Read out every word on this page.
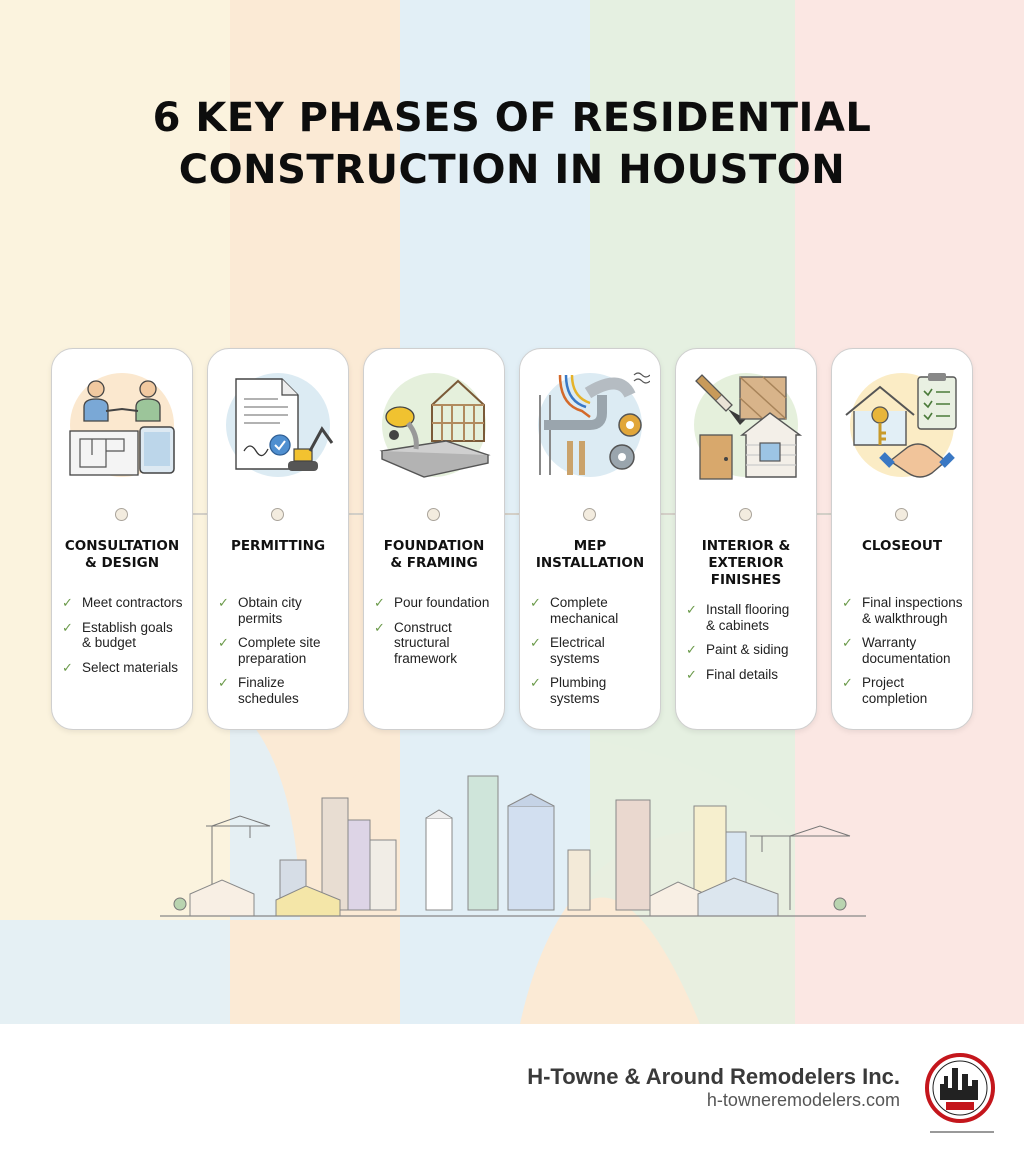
6 KEY PHASES OF RESIDENTIAL
CONSTRUCTION IN HOUSTON
CONSULTATION
& DESIGN
✓ Meet contractors
✓ Establish goals
& budget
✓ Select materials
PERMITTING
✓ Obtain city
permits
✓ Complete site
preparation
✓ Finalize
schedules
FOUNDATION
& FRAMING
✓ Pour foundation
✓ Construct
structural
framework
MEP
INSTALLATION
✓ Complete
mechanical
✓ Electrical
systems
✓ Plumbing
systems
INTERIOR &
EXTERIOR
FINISHES
✓ Install flooring
& cabinets
✓ Paint & siding
✓ Final details
CLOSEOUT
✓ Final inspections
& walkthrough
✓ Warranty
documentation
✓ Project
completion
H-Towne & Around Remodelers Inc.
h-towneremodelers.com
